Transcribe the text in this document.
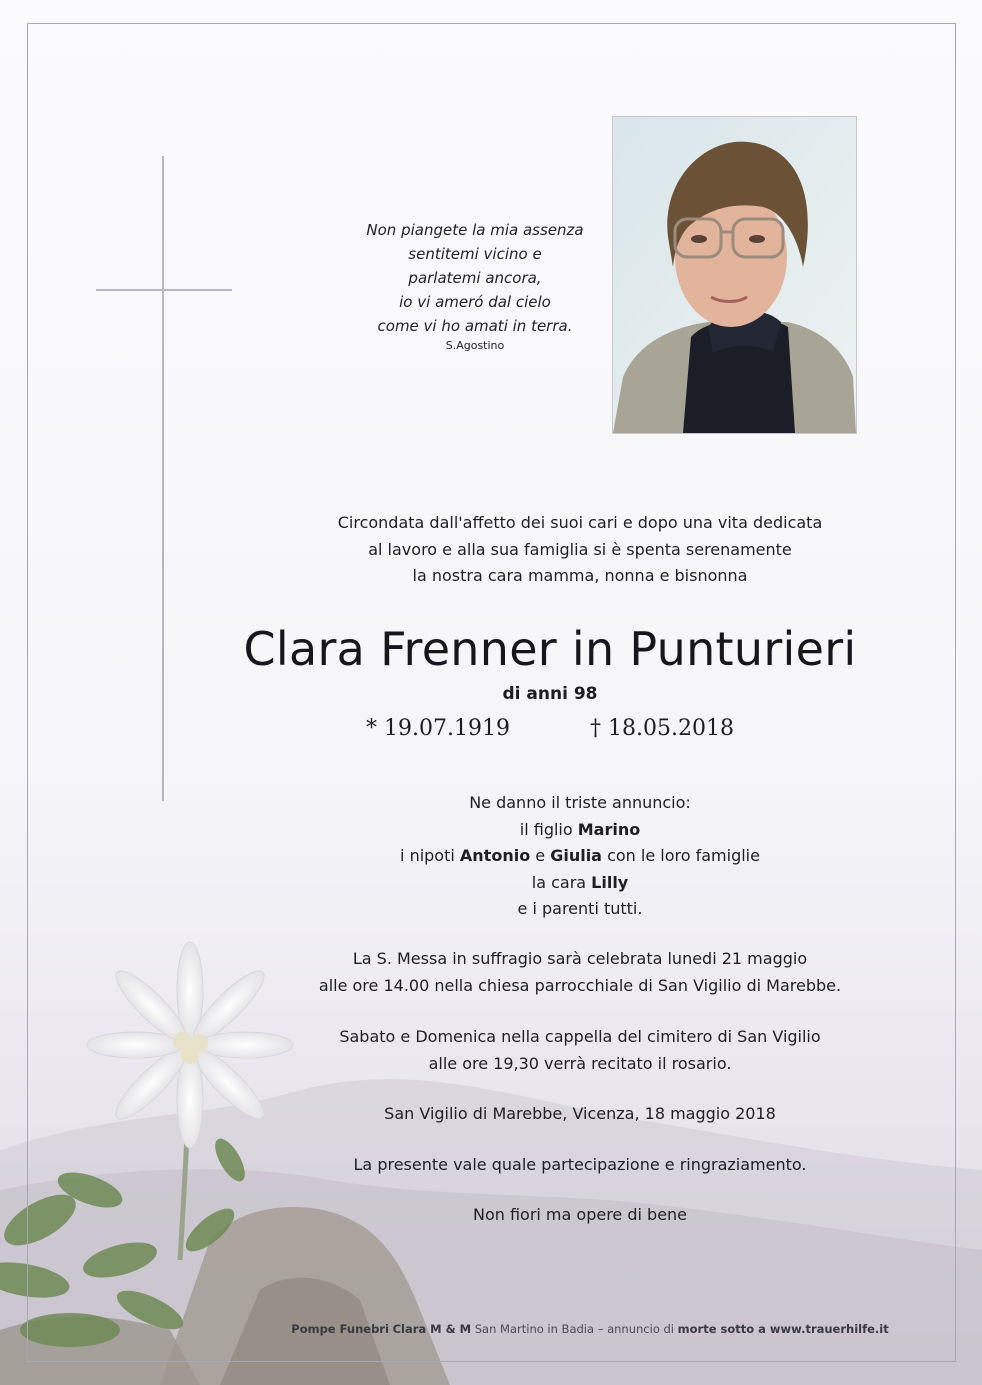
Non piangete la mia assenza
sentitemi vicino e
parlatemi ancora,
io vi ameró dal cielo
come vi ho amati in terra.
S.Agostino
Circondata dall'affetto dei suoi cari e dopo una vita dedicata
al lavoro e alla sua famiglia si è spenta serenamente
la nostra cara mamma, nonna e bisnonna
Clara Frenner in Punturieri
di anni 98
* 19.07.1919	† 18.05.2018
Ne danno il triste annuncio:
il figlio Marino
i nipoti Antonio e Giulia con le loro famiglie
la cara Lilly
e i parenti tutti.
La S. Messa in suffragio sarà celebrata lunedi 21 maggio
alle ore 14.00 nella chiesa parrocchiale di San Vigilio di Marebbe.
Sabato e Domenica nella cappella del cimitero di San Vigilio
alle ore 19,30 verrà recitato il rosario.
San Vigilio di Marebbe, Vicenza, 18 maggio 2018
La presente vale quale partecipazione e ringraziamento.
Non fiori ma opere di bene
Pompe Funebri Clara M & M San Martino in Badia – annuncio di morte sotto a www.trauerhilfe.it
